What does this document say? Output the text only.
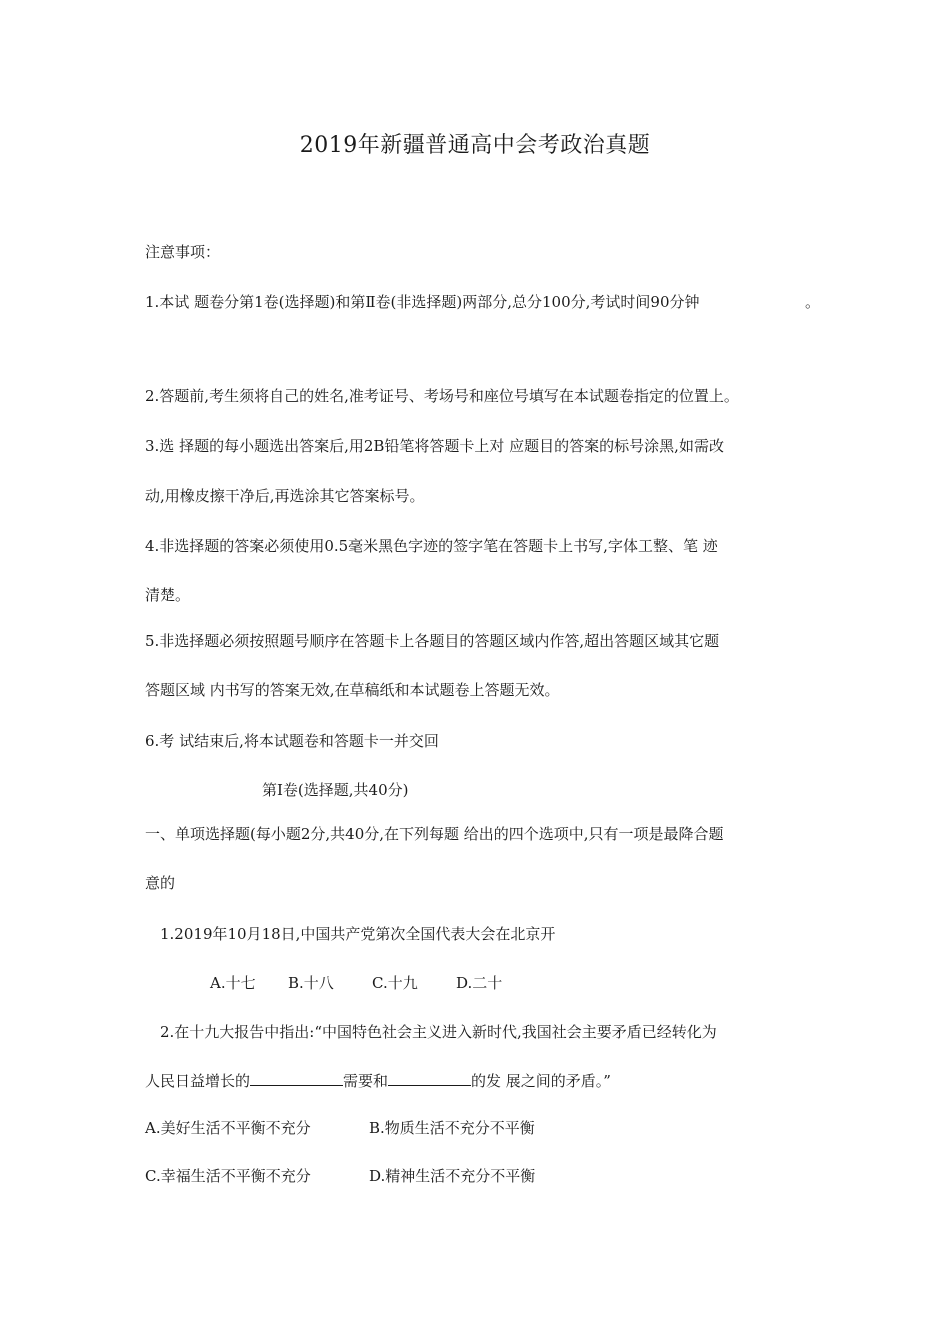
2019年新疆普通高中会考政治真题
注意事项：
1.本试 题卷分第1卷(选择题)和第Ⅱ卷(非选择题)两部分,总分100分,考试时间90分钟	。
2.答题前,考生须将自己的姓名,准考证号、考场号和座位号填写在本试题卷指定的位置上。
3.选 择题的每小题选出答案后,用2B铅笔将答题卡上对 应题目的答案的标号涂黑,如需改
动,用橡皮擦干净后,再选涂其它答案标号。
4.非选择题的答案必须使用0.5毫米黑色字迹的签字笔在答题卡上书写,字体工整、笔 迹
清楚。
5.非选择题必须按照题号顺序在答题卡上各题目的答题区域内作答,超出答题区域其它题
答题区域 内书写的答案无效,在草稿纸和本试题卷上答题无效。
6.考 试结束后,将本试题卷和答题卡一并交回
第Ⅰ卷(选择题,共40分)
一、单项选择题(每小题2分,共40分,在下列每题 给出的四个选项中,只有一项是最降合题
意的
1.2019年10月18日,中国共产党第次全国代表大会在北京开
A.十七 B.十八	C.十九	D.二十
2.在十九大报告中指出:“中国特色社会主义进入新时代,我国社会主要矛盾已经转化为
人民日益增长的	需要和	的发 展之间的矛盾。”
A.美好生活不平衡不充分	B.物质生活不充分不平衡
C.幸福生活不平衡不充分	D.精神生活不充分不平衡
